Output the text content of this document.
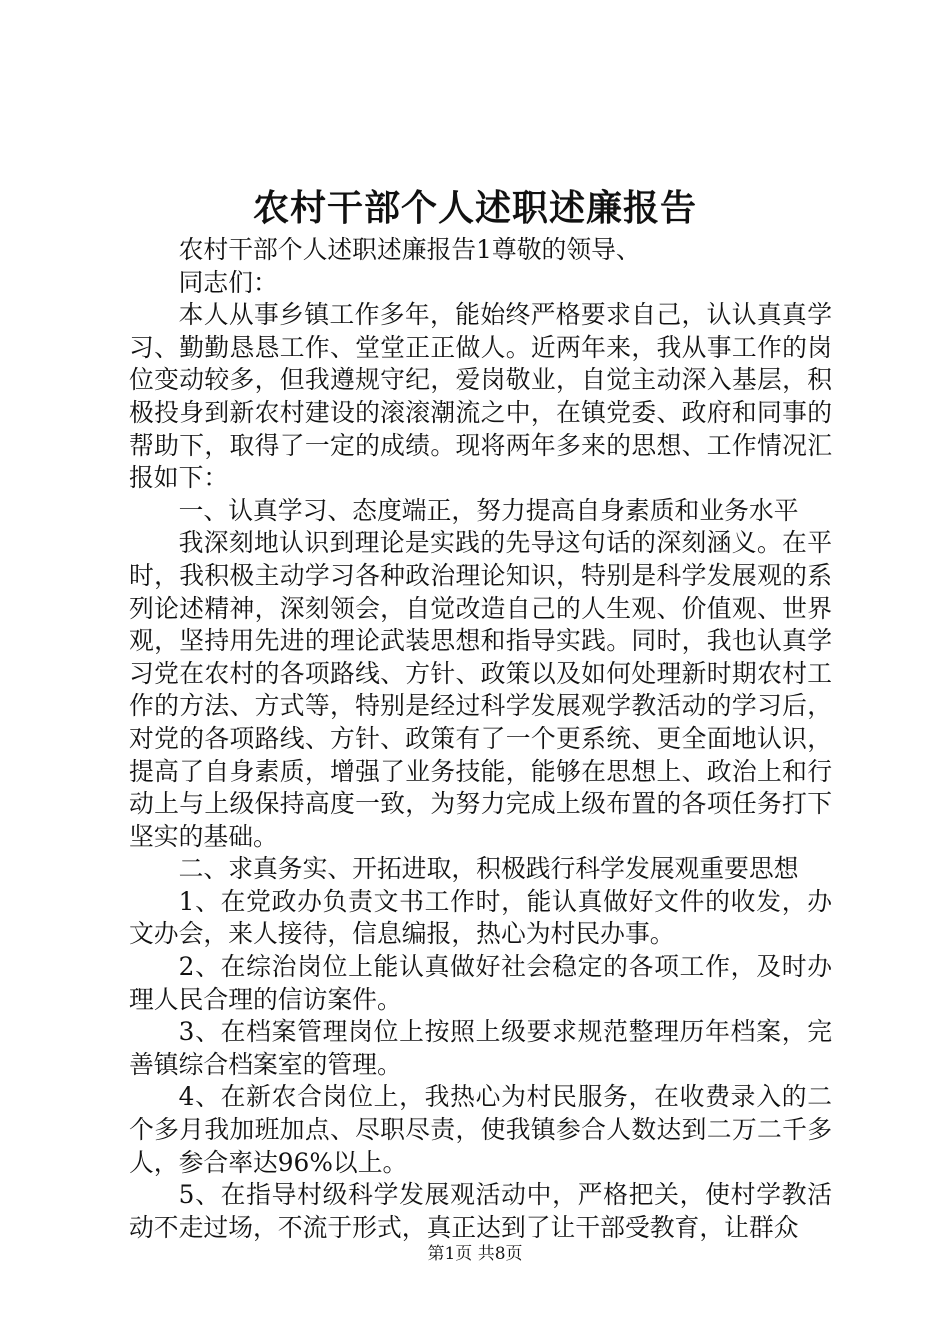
农村干部个人述职述廉报告

农村干部个人述职述廉报告1尊敬的领导、

同志们：

本人从事乡镇工作多年，能始终严格要求自己，认认真真学习、勤勤恳恳工作、堂堂正正做人。近两年来，我从事工作的岗位变动较多，但我遵规守纪，爱岗敬业，自觉主动深入基层，积极投身到新农村建设的滚滚潮流之中，在镇党委、政府和同事的帮助下，取得了一定的成绩。现将两年多来的思想、工作情况汇报如下：

一、认真学习、态度端正，努力提高自身素质和业务水平

我深刻地认识到理论是实践的先导这句话的深刻涵义。在平时，我积极主动学习各种政治理论知识，特别是科学发展观的系列论述精神，深刻领会，自觉改造自己的人生观、价值观、世界观，坚持用先进的理论武装思想和指导实践。同时，我也认真学习党在农村的各项路线、方针、政策以及如何处理新时期农村工作的方法、方式等，特别是经过科学发展观学教活动的学习后，对党的各项路线、方针、政策有了一个更系统、更全面地认识，提高了自身素质，增强了业务技能，能够在思想上、政治上和行动上与上级保持高度一致，为努力完成上级布置的各项任务打下坚实的基础。

二、求真务实、开拓进取，积极践行科学发展观重要思想

1、在党政办负责文书工作时，能认真做好文件的收发，办文办会，来人接待，信息编报，热心为村民办事。

2、在综治岗位上能认真做好社会稳定的各项工作，及时办理人民合理的信访案件。

3、在档案管理岗位上按照上级要求规范整理历年档案，完善镇综合档案室的管理。

4、在新农合岗位上，我热心为村民服务，在收费录入的二个多月我加班加点、尽职尽责，使我镇参合人数达到二万二千多人，参合率达96%以上。

5、在指导村级科学发展观活动中，严格把关，使村学教活动不走过场，不流于形式，真正达到了让干部受教育，让群众

第1页 共8页
